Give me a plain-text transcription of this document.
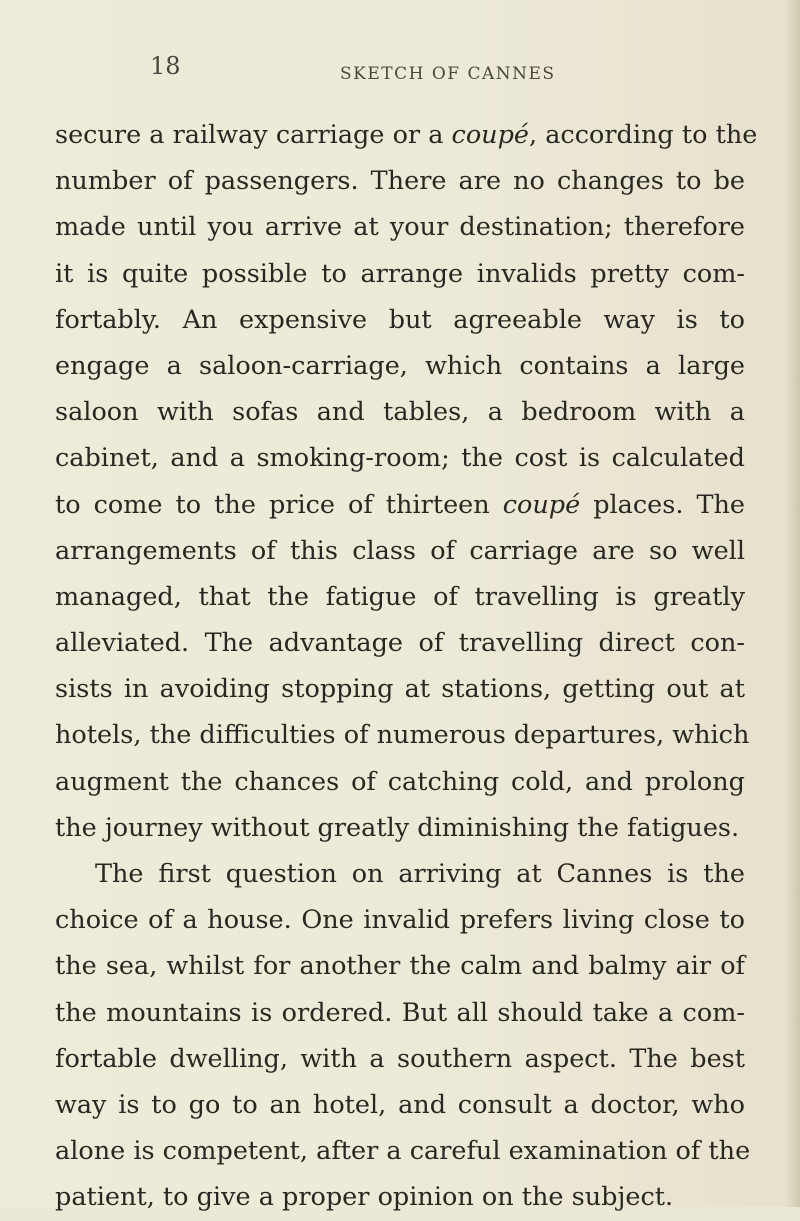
18	SKETCH OF CANNES
secure a railway carriage or a coupé, according to the
number of passengers. There are no changes to be
made until you arrive at your destination; therefore
it is quite possible to arrange invalids pretty com-
fortably. An expensive but agreeable way is to
engage a saloon-carriage, which contains a large
saloon with sofas and tables, a bedroom with a
cabinet, and a smoking-room; the cost is calculated
to come to the price of thirteen coupé places. The
arrangements of this class of carriage are so well
managed, that the fatigue of travelling is greatly
alleviated. The advantage of travelling direct con-
sists in avoiding stopping at stations, getting out at
hotels, the difficulties of numerous departures, which
augment the chances of catching cold, and prolong
the journey without greatly diminishing the fatigues.
The first question on arriving at Cannes is the
choice of a house. One invalid prefers living close to
the sea, whilst for another the calm and balmy air of
the mountains is ordered. But all should take a com-
fortable dwelling, with a southern aspect. The best
way is to go to an hotel, and consult a doctor, who
alone is competent, after a careful examination of the
patient, to give a proper opinion on the subject.
